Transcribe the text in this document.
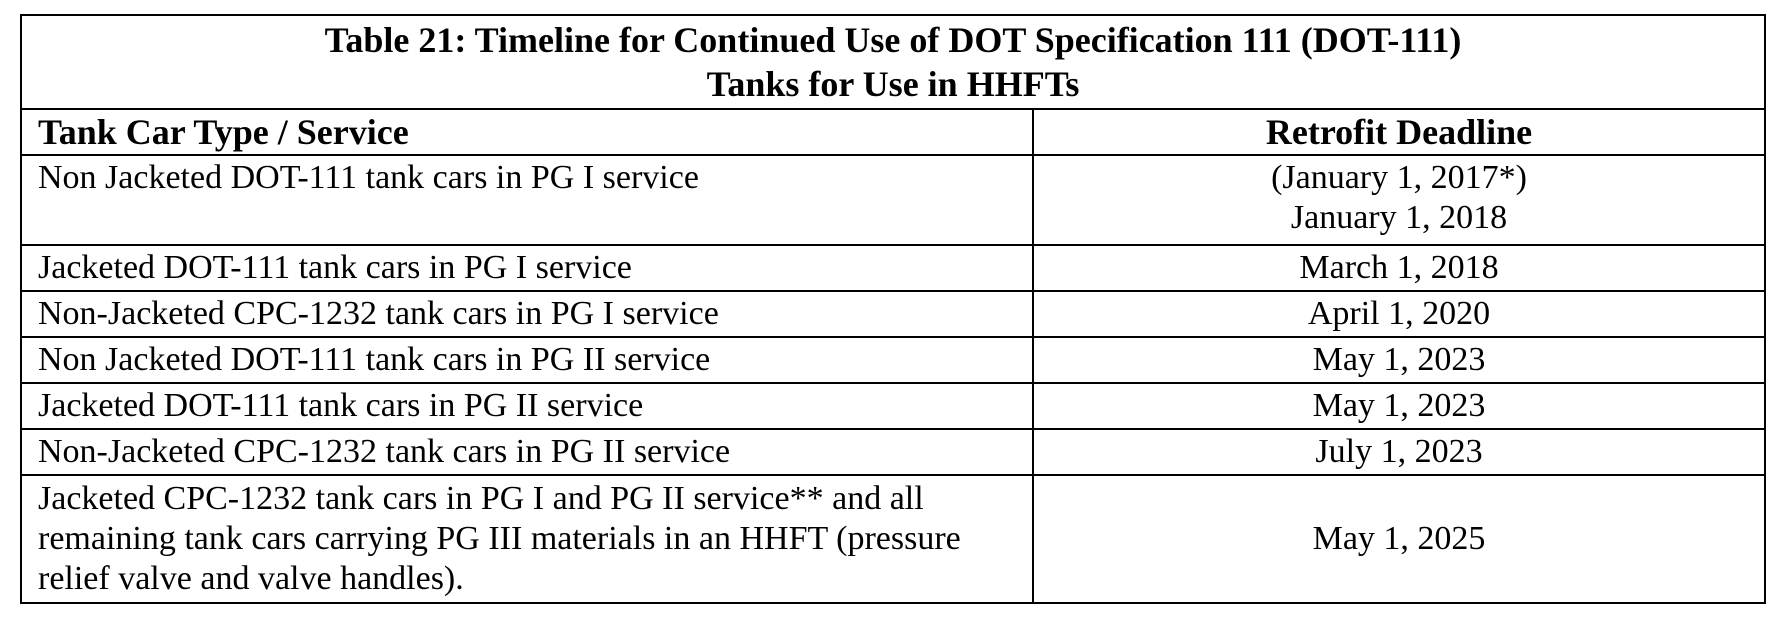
Table 21: Timeline for Continued Use of DOT Specification 111 (DOT-111)
Tanks for Use in HHFTs	

Tank Car Type / Service	Retrofit Deadline
Non Jacketed DOT-111 tank cars in PG I service	(January 1, 2017*)
January 1, 2018

Jacketed DOT-111 tank cars in PG I service	March 1, 2018
Non-Jacketed CPC-1232 tank cars in PG I service	April 1, 2020
Non Jacketed DOT-111 tank cars in PG II service	May 1, 2023
Jacketed DOT-111 tank cars in PG II service	May 1, 2023
Non-Jacketed CPC-1232 tank cars in PG II service	July 1, 2023
Jacketed CPC-1232 tank cars in PG I and PG II service** and all remaining tank cars carrying PG III materials in an HHFT (pressure relief valve and valve handles).	May 1, 2025
